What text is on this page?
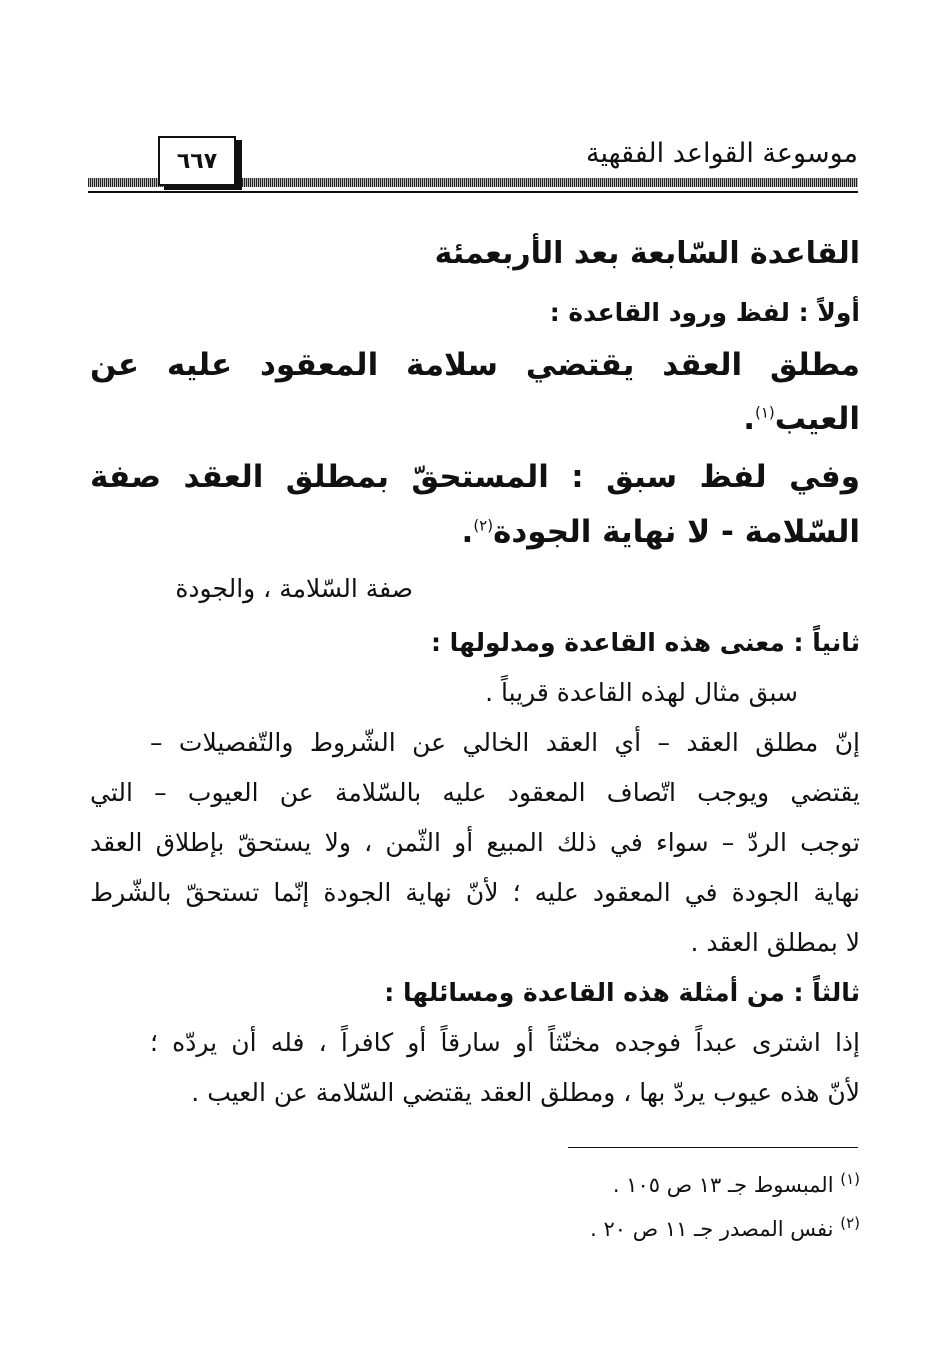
موسوعة القواعد الفقهية
٦٦٧
القاعدة السّابعة بعد الأربعمئة
أولاً : لفظ ورود القاعدة :
مطلق العقد يقتضي سلامة المعقود عليه عن
العيب$^{(١)}$.
وفي لفظ سبق : المستحقّ بمطلق العقد صفة
السّلامة - لا نهاية الجودة$^{(٢)}$.
صفة السّلامة ، والجودة
ثانياً : معنى هذه القاعدة ومدلولها :
سبق مثال لهذه القاعدة قريباً .
إنّ مطلق العقد – أي العقد الخالي عن الشّروط والتّفصيلات –
يقتضي ويوجب اتّصاف المعقود عليه بالسّلامة عن العيوب – التي
توجب الردّ – سواء في ذلك المبيع أو الثّمن ، ولا يستحقّ بإطلاق العقد
نهاية الجودة في المعقود عليه ؛ لأنّ نهاية الجودة إنّما تستحقّ بالشّرط
لا بمطلق العقد .
ثالثاً : من أمثلة هذه القاعدة ومسائلها :
إذا اشترى عبداً فوجده مخنّثاً أو سارقاً أو كافراً ، فله أن يردّه ؛
لأنّ هذه عيوب يردّ بها ، ومطلق العقد يقتضي السّلامة عن العيب .
$^{(١)}$ المبسوط جـ ١٣ ص ١٠٥ .
$^{(٢)}$ نفس المصدر جـ ١١ ص ٢٠ .
